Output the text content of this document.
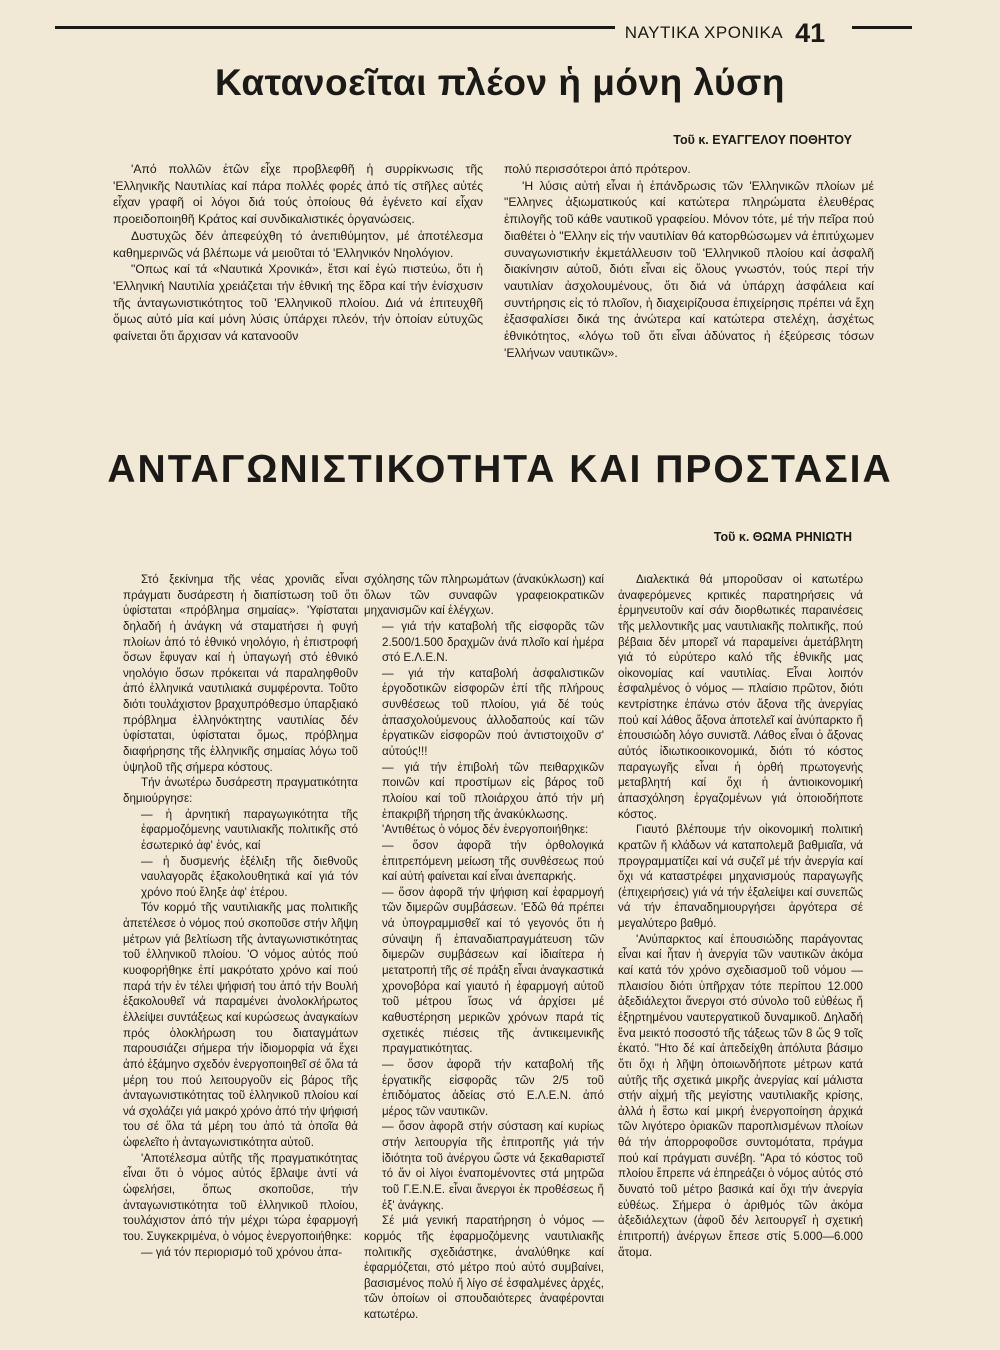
ΝΑΥΤΙΚΑ ΧΡΟΝΙΚΑ 41
Κατανοεῖται πλέον ἡ μόνη λύση

Τοῦ κ. ΕΥΑΓΓΕΛΟΥ ΠΟΘΗΤΟΥ

'Από πολλῶν ἐτῶν εἶχε προβλεφθῆ ἡ συρρίκνωσις τῆς 'Ελληνικῆς Ναυτιλίας καί πάρα πολλές φορές ἀπό τίς στῆλες αὐτές εἶχαν γραφῆ οἱ λόγοι διά τούς ὁποίους θά ἐγένετο καί εἶχαν προειδοποιηθῆ Κράτος καί συνδικαλιστικές ὀργανώσεις.

Δυστυχῶς δέν ἀπεφεύχθη τό ἀνεπιθύμητον, μέ ἀποτέλεσμα καθημερινῶς νά βλέπωμε νά μειοῦται τό 'Ελληνικόν Νηολόγιον.

"Οπως καί τά «Ναυτικά Χρονικά», ἔτσι καί ἐγώ πιστεύω, ὅτι ἡ 'Ελληνική Ναυτιλία χρειάζεται τήν ἐθνική της ἕδρα καί τήν ἐνίσχυσιν τῆς ἀνταγωνιστικότητος τοῦ 'Ελληνικοῦ πλοίου. Διά νά ἐπιτευχθῆ ὅμως αὐτό μία καί μόνη λύσις ὑπάρχει πλεόν, τήν ὁποίαν εὐτυχῶς φαίνεται ὅτι ἄρχισαν νά κατανοοῦν

πολύ περισσότεροι ἀπό πρότερον.

'Η λύσις αὐτή εἶναι ἡ ἐπάνδρωσις τῶν 'Ελληνικῶν πλοίων μέ "Ελληνες ἀξιωματικούς καί κατώτερα πληρώματα ἐλευθέρας ἐπιλογῆς τοῦ κάθε ναυτικοῦ γραφείου. Μόνον τότε, μέ τήν πεῖρα πού διαθέτει ὁ "Ελλην εἰς τήν ναυτιλίαν θά κατορθώσωμεν νά ἐπιτύχωμεν συναγωνιστικήν ἐκμετάλλευσιν τοῦ 'Ελληνικοῦ πλοίου καί ἀσφαλῆ διακίνησιν αὐτοῦ, διότι εἶναι εἰς ὅλους γνωστόν, τούς περί τήν ναυτιλίαν ἀσχολουμένους, ὅτι διά νά ὑπάρχη ἀσφάλεια καί συντήρησις εἰς τό πλοῖον, ἡ διαχειρίζουσα ἐπιχείρησις πρέπει νά ἔχη ἐξασφαλίσει δικά της ἀνώτερα καί κατώτερα στελέχη, ἀσχέτως ἐθνικότητος, «λόγω τοῦ ὅτι εἶναι ἀδύνατος ἡ ἐξεύρεσις τόσων 'Ελλήνων ναυτικῶν».

ΑΝΤΑΓΩΝΙΣΤΙΚΟΤΗΤΑ ΚΑΙ ΠΡΟΣΤΑΣΙΑ

Τοῦ κ. ΘΩΜΑ ΡΗΝΙΩΤΗ

Στό ξεκίνημα τῆς νέας χρονιᾶς εἶναι πράγματι δυσάρεστη ἡ διαπίστωση τοῦ ὅτι ὑφίσταται «πρόβλημα σημαίας». 'Υφίσταται δηλαδή ἡ ἀνάγκη νά σταματήσει ἡ φυγή πλοίων ἀπό τό ἐθνικό νηολόγιο, ἡ ἐπιστροφή ὅσων ἔφυγαν καί ἡ ὑπαγωγή στό ἐθνικό νηολόγιο ὅσων πρόκειται νά παραληφθοῦν ἀπό ἑλληνικά ναυτιλιακά συμφέροντα. Τοῦτο διότι τουλάχιστον βραχυπρόθεσμο ὑπαρξιακό πρόβλημα ἑλληνόκτητης ναυτιλίας δέν ὑφίσταται, ὑφίσταται ὅμως, πρόβλημα διαφήρησης τῆς ἑλληνικῆς σημαίας λόγω τοῦ ὑψηλοῦ τῆς σήμερα κόστους.

Τήν ἀνωτέρω δυσάρεστη πραγματικότητα δημιούργησε:

— ἡ ἀρνητική παραγωγικότητα τῆς ἐφαρμοζόμενης ναυτιλιακῆς πολιτικῆς στό ἐσωτερικό ἀφ' ἑνός, καί

— ἡ δυσμενής ἐξέλιξη τῆς διεθνοῦς ναυλαγορᾶς ἐξακολουθητικά καί γιά τόν χρόνο πού ἔληξε ἀφ' ἑτέρου.

Τόν κορμό τῆς ναυτιλιακῆς μας πολιτικῆς ἀπετέλεσε ὁ νόμος πού σκοποῦσε στήν λῆψη μέτρων γιά βελτίωση τῆς ἀνταγωνιστικότητας τοῦ ἑλληνικοῦ πλοίου. 'Ο νόμος αὐτός πού κυοφορήθηκε ἐπί μακρότατο χρόνο καί πού παρά τήν ἐν τέλει ψήφισή του ἀπό τήν Βουλή ἐξακολουθεῖ νά παραμένει ἀνολοκλήρωτος ἐλλείψει συντάξεως καί κυρώσεως ἀναγκαίων πρός ὁλοκλήρωση του διαταγμάτων παρουσιάζει σήμερα τήν ἰδιομορφία νά ἔχει ἀπό ἑξάμηνο σχεδόν ἐνεργοποιηθεῖ σέ ὅλα τά μέρη του πού λειτουργοῦν εἰς βάρος τῆς ἀνταγωνιστικότητας τοῦ ἑλληνικοῦ πλοίου καί νά σχολάζει γιά μακρό χρόνο ἀπό τήν ψήφισή του σέ ὅλα τά μέρη του ἀπό τά ὁποῖα θά ὠφελεῖτο ἡ ἀνταγωνιστικότητα αὐτοῦ.

'Αποτέλεσμα αὐτῆς τῆς πραγματικότητας εἶναι ὅτι ὁ νόμος αὐτός ἔβλαψε ἀντί νά ὠφελήσει, ὅπως σκοποῦσε, τήν ἀνταγωνιστικότητα τοῦ ἑλληνικοῦ πλοίου, τουλάχιστον ἀπό τήν μέχρι τώρα ἐφαρμογή του. Συγκεκριμένα, ὁ νόμος ἐνεργοποιήθηκε:

— γιά τόν περιορισμό τοῦ χρόνου ἀπα-

σχόλησης τῶν πληρωμάτων (ἀνακύκλωση) καί ὅλων τῶν συναφῶν γραφειοκρατικῶν μηχανισμῶν καί ἐλέγχων.

— γιά τήν καταβολή τῆς εἰσφορᾶς τῶν 2.500/1.500 δραχμῶν ἀνά πλοῖο καί ἡμέρα στό Ε.Λ.Ε.Ν.

— γιά τήν καταβολή ἀσφαλιστικῶν ἐργοδοτικῶν εἰσφορῶν ἐπί τῆς πλήρους συνθέσεως τοῦ πλοίου, γιά δέ τούς ἀπασχολούμενους ἀλλοδαπούς καί τῶν ἐργατικῶν εἰσφορῶν πού ἀντιστοιχοῦν σ' αὐτούς!!!

— γιά τήν ἐπιβολή τῶν πειθαρχικῶν ποινῶν καί προστίμων εἰς βάρος τοῦ πλοίου καί τοῦ πλοιάρχου ἀπό τήν μή ἐπακριβῆ τήρηση τῆς ἀνακύκλωσης.

'Αντιθέτως ὁ νόμος δέν ἐνεργοποιήθηκε:

— ὅσον ἀφορᾶ τήν ὀρθολογικά ἐπιτρεπόμενη μείωση τῆς συνθέσεως πού καί αὐτή φαίνεται καί εἶναι ἀνεπαρκής.

— ὅσον ἀφορᾶ τήν ψήφιση καί ἐφαρμογή τῶν διμερῶν συμβάσεων. 'Εδῶ θά πρέπει νά ὑπογραμμισθεῖ καί τό γεγονός ὅτι ἡ σύναψη ἤ ἐπαναδιαπραγμάτευση τῶν διμερῶν συμβάσεων καί ἰδιαίτερα ἡ μετατροπή τῆς σέ πράξη εἶναι ἀναγκαστικά χρονοβόρα καί γιαυτό ἡ ἐφαρμογή αὐτοῦ τοῦ μέτρου ἴσως νά ἀρχίσει μέ καθυστέρηση μερικῶν χρόνων παρά τίς σχετικές πιέσεις τῆς ἀντικειμενικῆς πραγματικότητας.

— ὅσον ἀφορᾶ τήν καταβολή τῆς ἐργατικῆς εἰσφορᾶς τῶν 2/5 τοῦ ἐπιδόματος ἀδείας στό Ε.Λ.Ε.Ν. ἀπό μέρος τῶν ναυτικῶν.

— ὅσον ἀφορᾶ στήν σύσταση καί κυρίως στήν λειτουργία τῆς ἐπιτροπῆς γιά τήν ἰδιότητα τοῦ ἀνέργου ὥστε νά ξεκαθαριστεῖ τό ἄν οἱ λίγοι ἐναπομένοντες στά μητρῶα τοῦ Γ.Ε.Ν.Ε. εἶναι ἄνεργοι ἐκ προθέσεως ἤ ἐξ' ἀνάγκης.

Σέ μιά γενική παρατήρηση ὁ νόμος — κορμός τῆς ἐφαρμοζόμενης ναυτιλιακῆς πολιτικῆς σχεδιάστηκε, ἀναλύθηκε καί ἐφαρμόζεται, στό μέτρο πού αὐτό συμβαίνει, βασισμένος πολύ ἤ λίγο σέ ἐσφαλμένες ἀρχές, τῶν ὁποίων οἱ σπουδαιότερες ἀναφέρονται κατωτέρω.

Διαλεκτικά θά μποροῦσαν οἱ κατωτέρω ἀναφερόμενες κριτικές παρατηρήσεις νά ἑρμηνευτοῦν καί σάν διορθωτικές παραινέσεις τῆς μελλοντικῆς μας ναυτιλιακῆς πολιτικῆς, πού βέβαια δέν μπορεῖ νά παραμείνει ἀμετάβλητη γιά τό εὐρύτερο καλό τῆς ἐθνικῆς μας οἰκονομίας καί ναυτιλίας. Εἶναι λοιπόν ἐσφαλμένος ὁ νόμος — πλαίσιο πρῶτον, διότι κεντρίστηκε ἐπάνω στόν ἄξονα τῆς ἀνεργίας πού καί λάθος ἄξονα ἀποτελεῖ καί ἀνύπαρκτο ἤ ἐπουσιώδη λόγο συνιστᾶ. Λάθος εἶναι ὁ ἄξονας αὐτός ἰδιωτικοοικονομικά, διότι τό κόστος παραγωγῆς εἶναι ἡ ὀρθή πρωτογενής μεταβλητή καί ὄχι ἡ ἀντιοικονομική ἀπασχόληση ἐργαζομένων γιά ὁποιοδήποτε κόστος.

Γιαυτό βλέπουμε τήν οἰκονομική πολιτική κρατῶν ἤ κλάδων νά καταπολεμᾶ βαθμιαῖα, νά προγραμματίζει καί νά συζεῖ μέ τήν ἀνεργία καί ὄχι νά καταστρέφει μηχανισμούς παραγωγῆς (ἐπιχειρήσεις) γιά νά τήν ἐξαλείψει καί συνεπῶς νά τήν ἐπαναδημιουργήσει ἀργότερα σέ μεγαλύτερο βαθμό.

'Ανύπαρκτος καί ἐπουσιώδης παράγοντας εἶναι καί ἦταν ἡ ἀνεργία τῶν ναυτικῶν ἀκόμα καί κατά τόν χρόνο σχεδιασμοῦ τοῦ νόμου — πλαισίου διότι ὑπῆρχαν τότε περίπου 12.000 ἀξεδιάλεχτοι ἄνεργοι στό σύνολο τοῦ εὐθέως ἤ ἐξηρτημένου ναυτεργατικοῦ δυναμικοῦ. Δηλαδή ἕνα μεικτό ποσοστό τῆς τάξεως τῶν 8 ὥς 9 τοῖς ἑκατό. "Ητο δέ καί ἀπεδείχθη ἀπόλυτα βάσιμο ὅτι ὄχι ἡ λῆψη ὁποιωνδήποτε μέτρων κατά αὐτῆς τῆς σχετικά μικρῆς ἀνεργίας καί μάλιστα στήν αἰχμή τῆς μεγίστης ναυτιλιακῆς κρίσης, ἀλλά ἡ ἔστω καί μικρή ἐνεργοποίηση ἀρχικά τῶν λιγότερο ὁριακῶν παροπλισμένων πλοίων θά τήν ἀπορροφοῦσε συντομότατα, πράγμα πού καί πράγματι συνέβη. "Αρα τό κόστος τοῦ πλοίου ἔπρεπε νά ἐπηρεάζει ὁ νόμος αὐτός στό δυνατό τοῦ μέτρο βασικά καί ὄχι τήν ἀνεργία εὐθέως. Σήμερα ὁ ἀριθμός τῶν ἀκόμα ἀξεδιάλεχτων (ἀφοῦ δέν λειτουργεῖ ἡ σχετική ἐπιτροπή) ἀνέργων ἔπεσε στίς 5.000—6.000 ἄτομα.
